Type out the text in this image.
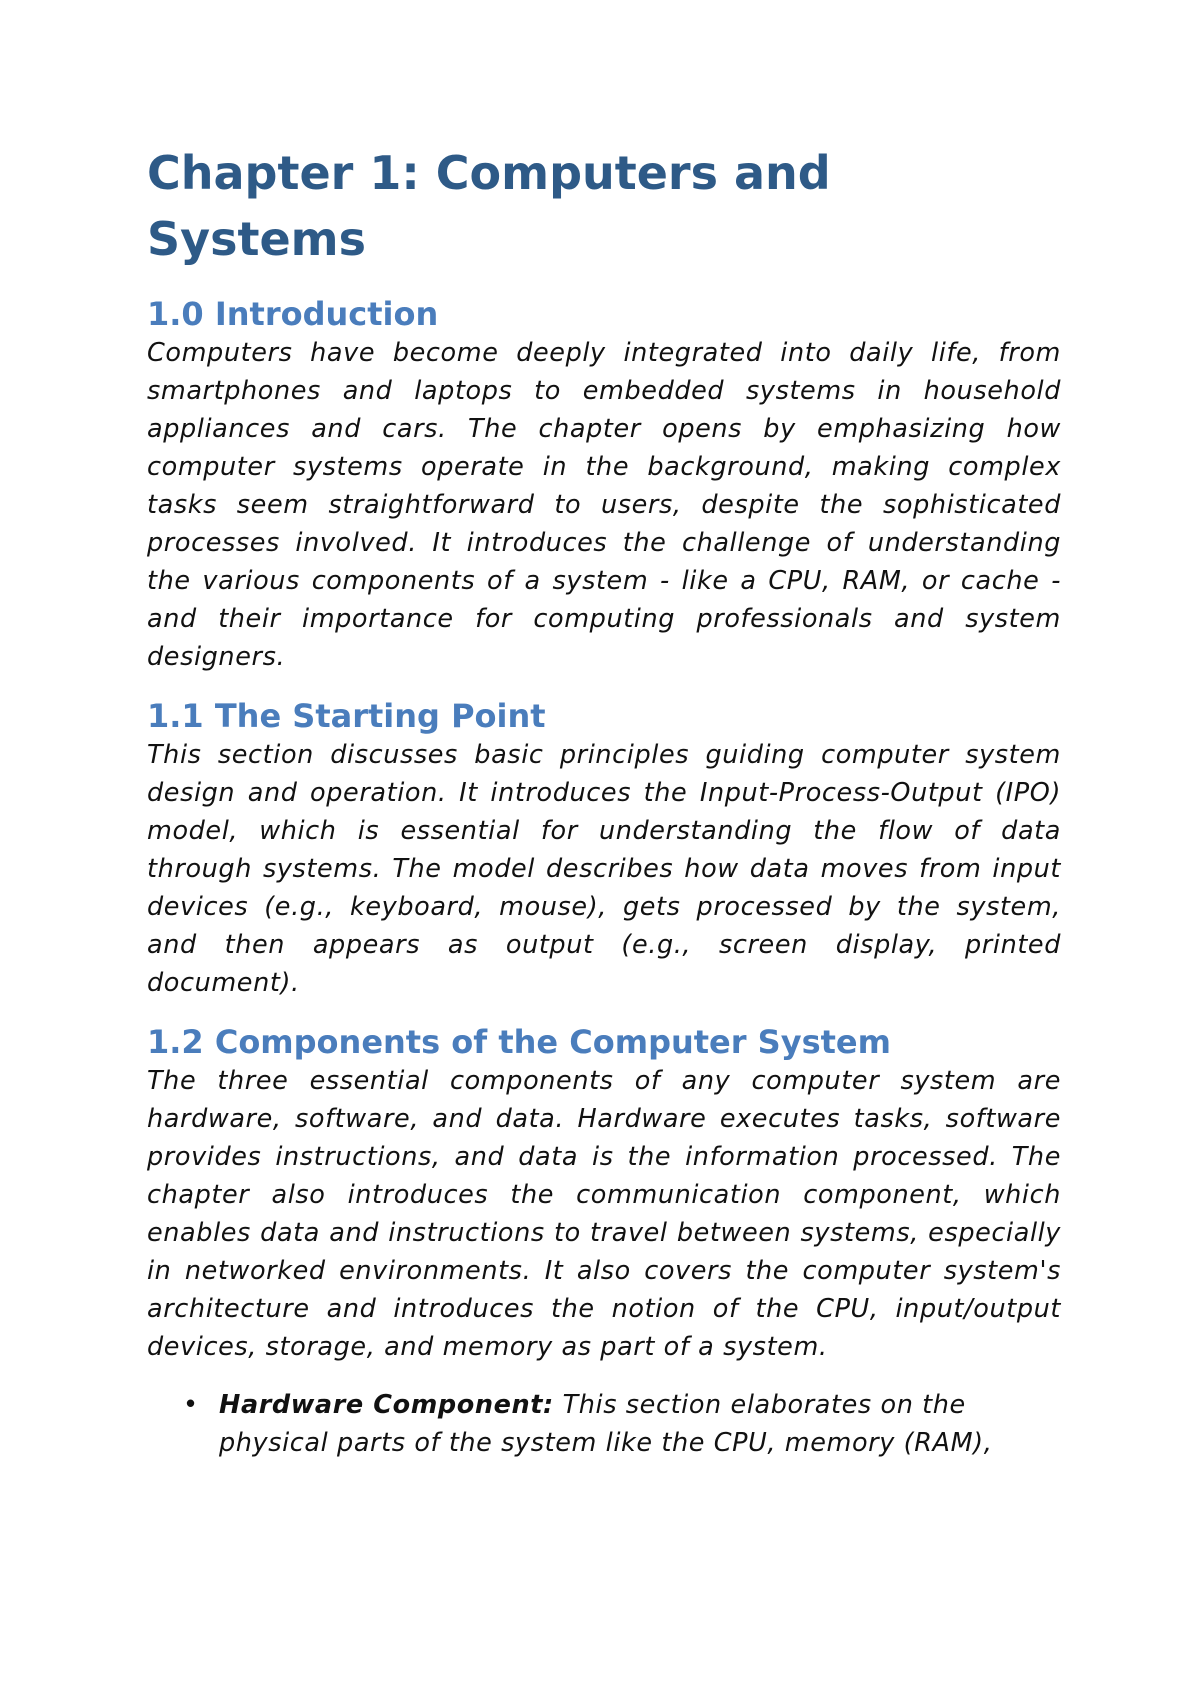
Chapter 1: Computers and Systems
1.0 Introduction

Computers have become deeply integrated into daily life, from smartphones and laptops to embedded systems in household appliances and cars. The chapter opens by emphasizing how computer systems operate in the background, making complex tasks seem straightforward to users, despite the sophisticated processes involved. It introduces the challenge of understanding the various components of a system - like a CPU, RAM, or cache - and their importance for computing professionals and system designers.

1.1 The Starting Point

This section discusses basic principles guiding computer system design and operation. It introduces the Input-Process-Output (IPO) model, which is essential for understanding the flow of data through systems. The model describes how data moves from input devices (e.g., keyboard, mouse), gets processed by the system, and then appears as output (e.g., screen display, printed document).

1.2 Components of the Computer System

The three essential components of any computer system are hardware, software, and data. Hardware executes tasks, software provides instructions, and data is the information processed. The chapter also introduces the communication component, which enables data and instructions to travel between systems, especially in networked environments. It also covers the computer system's architecture and introduces the notion of the CPU, input/output devices, storage, and memory as part of a system.

• Hardware Component: This section elaborates on the physical parts of the system like the CPU, memory (RAM),
